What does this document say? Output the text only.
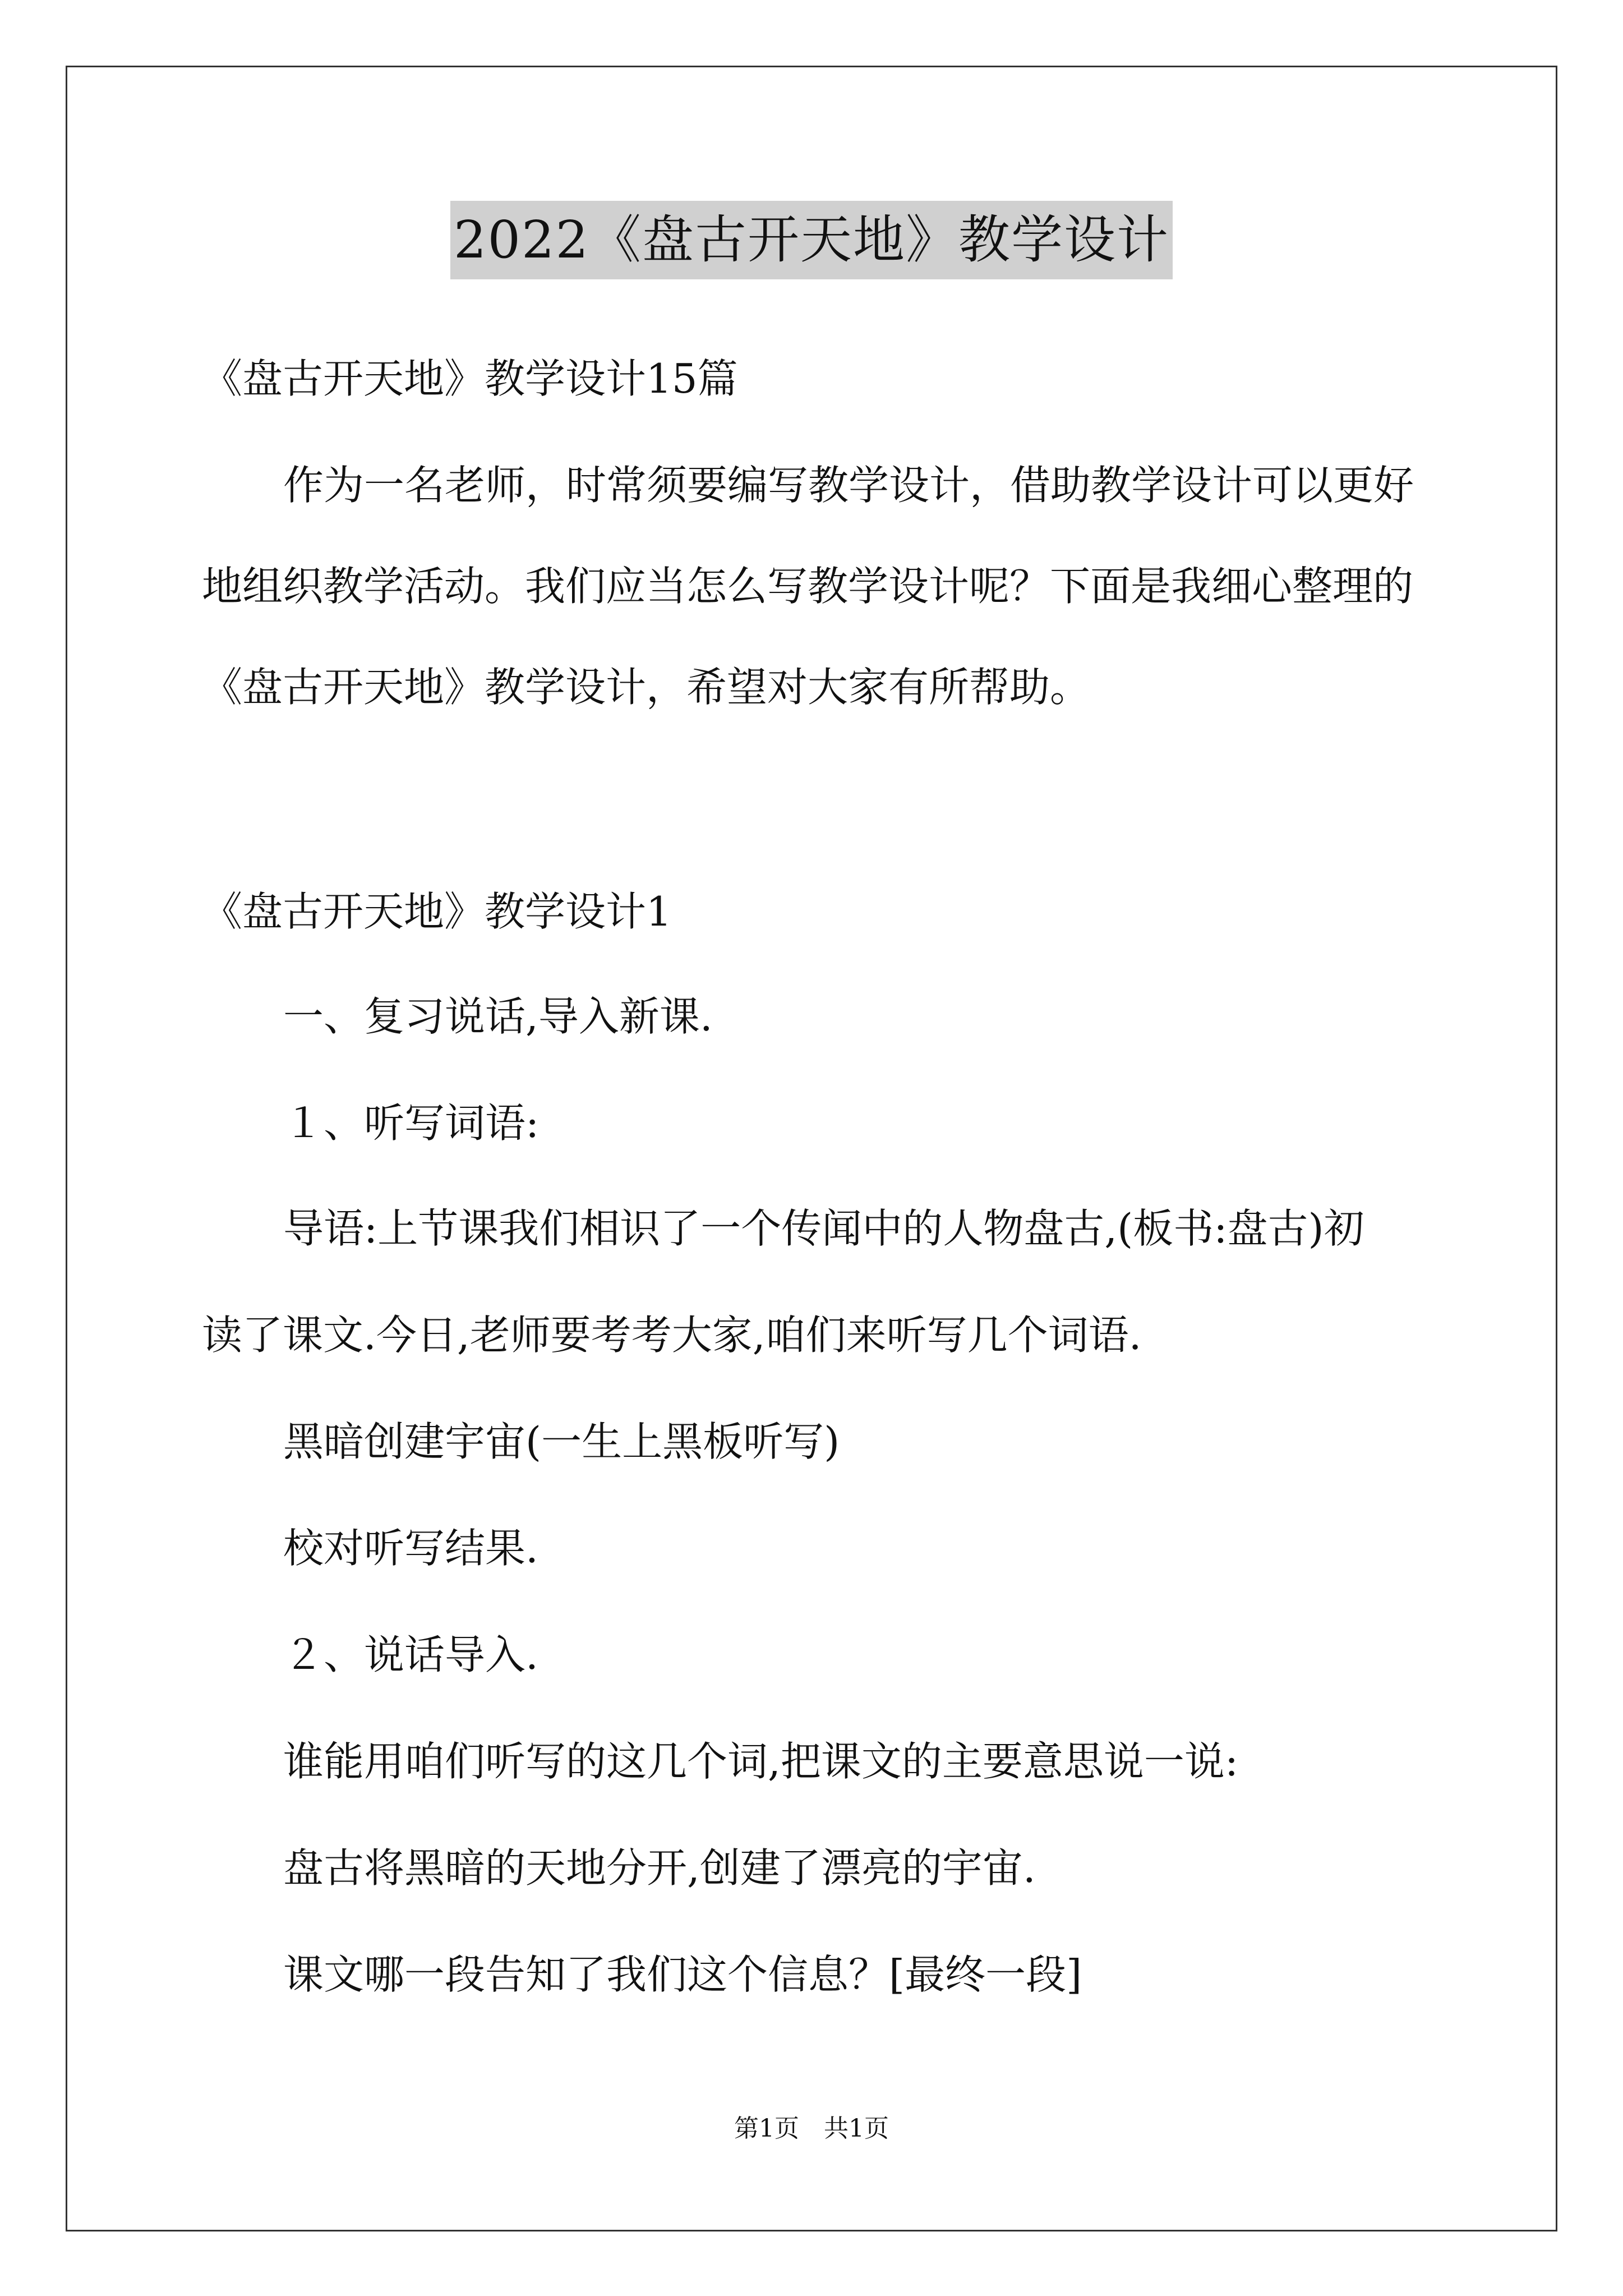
2022《盘古开天地》教学设计
《盘古开天地》教学设计15篇
作为一名老师，时常须要编写教学设计，借助教学设计可以更好
地组织教学活动。我们应当怎么写教学设计呢？下面是我细心整理的
《盘古开天地》教学设计，希望对大家有所帮助。
《盘古开天地》教学设计1
一、复习说话,导入新课.
１、听写词语:
导语:上节课我们相识了一个传闻中的人物盘古,(板书:盘古)初
读了课文.今日,老师要考考大家,咱们来听写几个词语.
黑暗创建宇宙(一生上黑板听写)
校对听写结果.
２、说话导入.
谁能用咱们听写的这几个词,把课文的主要意思说一说:
盘古将黑暗的天地分开,创建了漂亮的宇宙.
课文哪一段告知了我们这个信息？[最终一段]
第1页　共1页
